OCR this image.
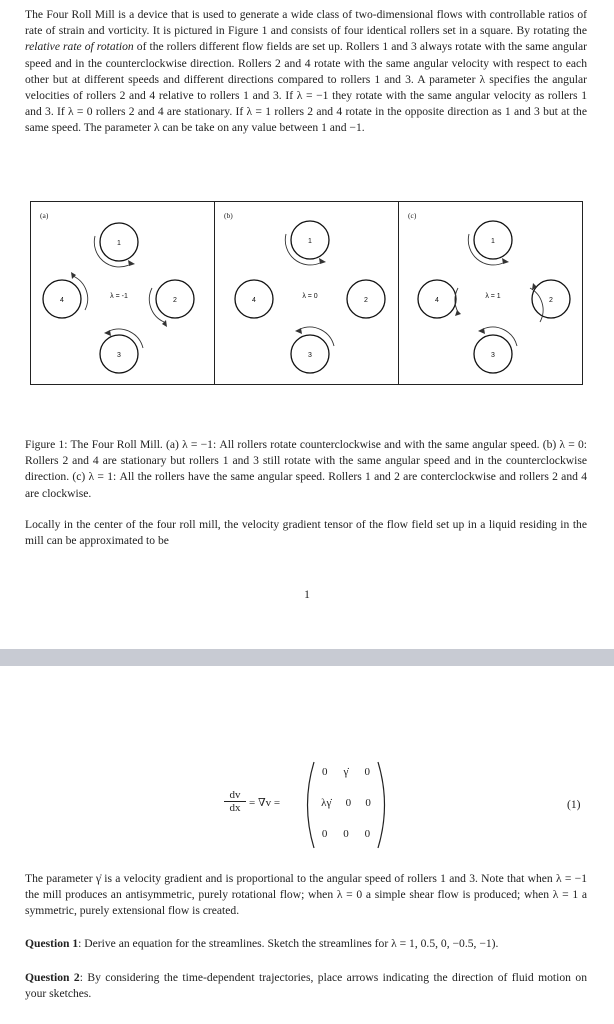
The Four Roll Mill is a device that is used to generate a wide class of two-dimensional flows with controllable ratios of rate of strain and vorticity. It is pictured in Figure 1 and consists of four identical rollers set in a square. By rotating the relative rate of rotation of the rollers different flow fields are set up. Rollers 1 and 3 always rotate with the same angular speed and in the counterclockwise direction. Rollers 2 and 4 rotate with the same angular velocity with respect to each other but at different speeds and different directions compared to rollers 1 and 3. A parameter λ specifies the angular velocities of rollers 2 and 4 relative to rollers 1 and 3. If λ = −1 they rotate with the same angular velocity as rollers 1 and 3. If λ = 0 rollers 2 and 4 are stationary. If λ = 1 rollers 2 and 4 rotate in the opposite direction as 1 and 3 but at the same speed. The parameter λ can be take on any value between 1 and −1.

(a)
1
2
3
4
λ = -1
(b)
1
2
3
4
λ = 0
(c)
1
2
3
4
λ = 1

Figure 1: The Four Roll Mill. (a) λ = −1: All rollers rotate counterclockwise and with the same angular speed. (b) λ = 0: Rollers 2 and 4 are stationary but rollers 1 and 3 still rotate with the same angular speed and in the counterclockwise direction. (c) λ = 1: All the rollers have the same angular speed. Rollers 1 and 2 are conterclockwise and rollers 2 and 4 are clockwise.

Locally in the center of the four roll mill, the velocity gradient tensor of the flow field set up in a liquid residing in the mill can be approximated to be

1
$\frac{dv}{dx} = \nabla v$ =
0 γ̇ 0
λγ̇ 0 0
0 0 0
(1)

The parameter γ̇ is a velocity gradient and is proportional to the angular speed of rollers 1 and 3. Note that when λ = −1 the mill produces an antisymmetric, purely rotational flow; when λ = 0 a simple shear flow is produced; when λ = 1 a symmetric, purely extensional flow is created.

Question 1: Derive an equation for the streamlines. Sketch the streamlines for λ = 1, 0.5, 0, −0.5, −1).

Question 2: By considering the time-dependent trajectories, place arrows indicating the direction of fluid motion on your sketches.
